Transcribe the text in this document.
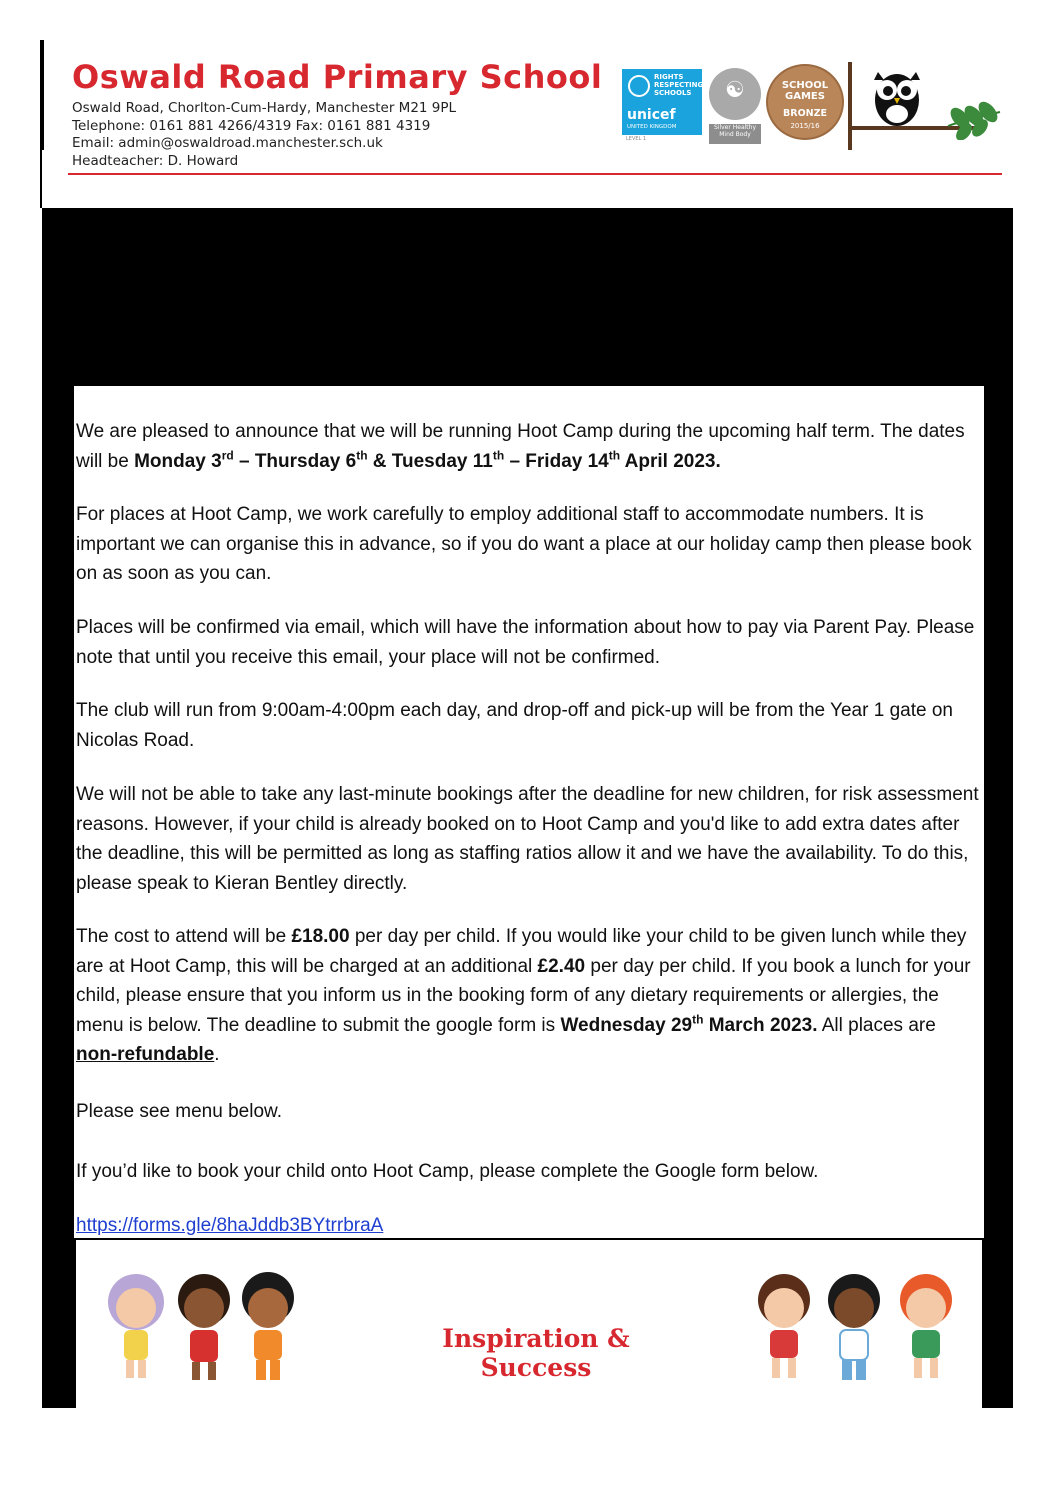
Oswald Road Primary School
Oswald Road, Chorlton-Cum-Hardy, Manchester M21 9PL
Telephone: 0161 881 4266/4319 Fax: 0161 881 4319
Email: admin@oswaldroad.manchester.sch.uk
Headteacher: D. Howard
RIGHTS RESPECTING SCHOOLS
unicef
UNITED KINGDOM
LEVEL 1
☯
Silver Healthy Mind Body
SCHOOL GAMES
BRONZE
2015/16

We are pleased to announce that we will be running Hoot Camp during the upcoming half term. The dates will be Monday 3rd – Thursday 6th & Tuesday 11th – Friday 14th April 2023.

For places at Hoot Camp, we work carefully to employ additional staff to accommodate numbers. It is important we can organise this in advance, so if you do want a place at our holiday camp then please book on as soon as you can.

Places will be confirmed via email, which will have the information about how to pay via Parent Pay. Please note that until you receive this email, your place will not be confirmed.

The club will run from 9:00am-4:00pm each day, and drop-off and pick-up will be from the Year 1 gate on Nicolas Road.

We will not be able to take any last-minute bookings after the deadline for new children, for risk assessment reasons. However, if your child is already booked on to Hoot Camp and you'd like to add extra dates after the deadline, this will be permitted as long as staffing ratios allow it and we have the availability. To do this, please speak to Kieran Bentley directly.

The cost to attend will be £18.00 per day per child. If you would like your child to be given lunch while they are at Hoot Camp, this will be charged at an additional £2.40 per day per child. If you book a lunch for your child, please ensure that you inform us in the booking form of any dietary requirements or allergies, the menu is below. The deadline to submit the google form is Wednesday 29th March 2023. All places are non-refundable.

Please see menu below.

If you’d like to book your child onto Hoot Camp, please complete the Google form below.

https://forms.gle/8haJddb3BYtrrbraA

Inspiration & Success
